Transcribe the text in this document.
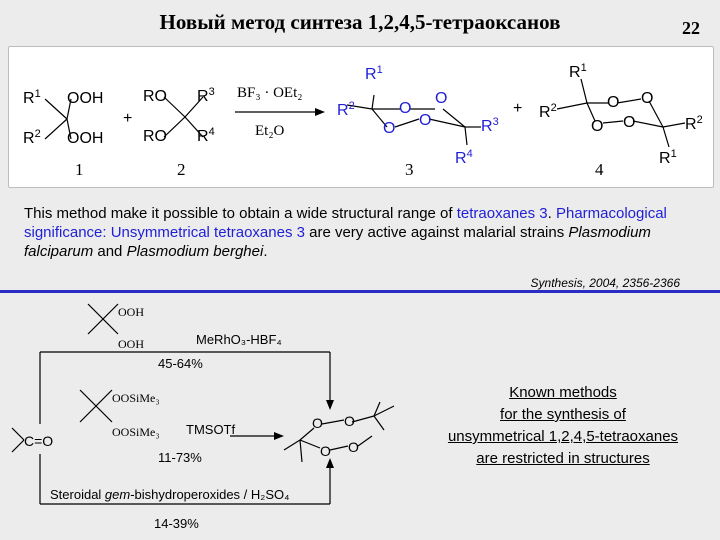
Новый метод синтеза 1,2,4,5-тетраоксанов	22
$R^1$
$R^2$
OOH
OOH
+
1
RO
RO
$R^3$
$R^4$
2
BF₃ · OEt₂
Et₂O
$R^1$
$R^2$	O
O
O O	$R^3$
$R^4$
3
+
$R^1$
$R^2$	O O
O O	$R^2$
$R^1$
4
This method make it possible to obtain a wide structural range of tetraoxanes 3. Pharmacological significance: Unsymmetrical tetraoxanes 3 are very active against malarial strains Plasmodium falciparum and Plasmodium berghei.
Synthesis, 2004, 2356-2366
OOH
OOH	MeRhO₃-HBF₄
45-64%
OOSiMe₃
OOSiMe₃ TMSOTf
11-73%
C=O
Steroidal gem-bishydroperoxides / H₂SO₄
14-39%
O O
O O
Known methods
for the synthesis of
unsymmetrical 1,2,4,5-tetraoxanes
are restricted in structures
